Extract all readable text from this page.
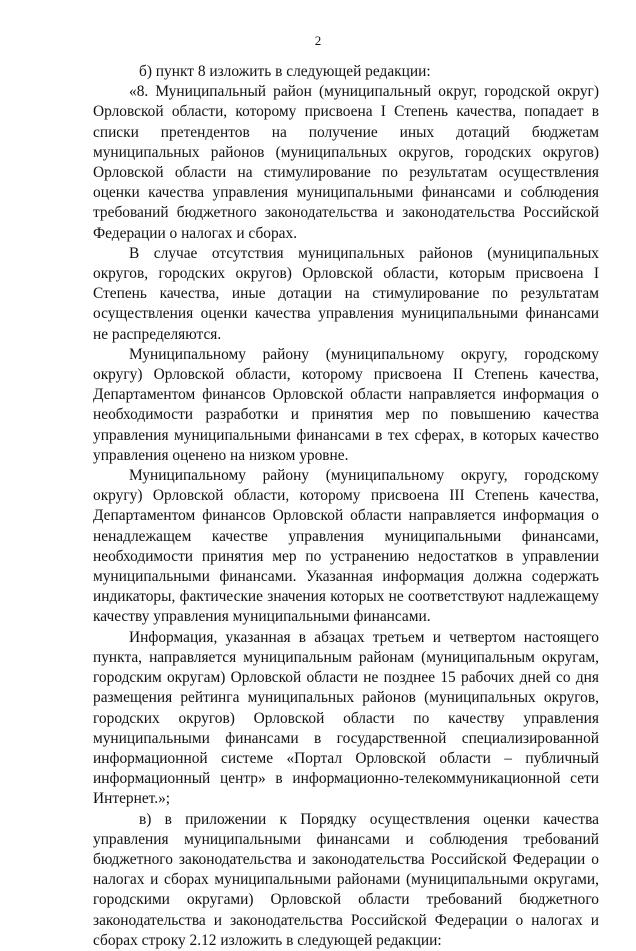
2

б) пункт 8 изложить в следующей редакции:

«8. Муниципальный район (муниципальный округ, городской округ) Орловской области, которому присвоена I Степень качества, попадает в списки претендентов на получение иных дотаций бюджетам муниципальных районов (муниципальных округов, городских округов) Орловской области на стимулирование по результатам осуществления оценки качества управления муниципальными финансами и соблюдения требований бюджетного законодательства и законодательства Российской Федерации о налогах и сборах.

В случае отсутствия муниципальных районов (муниципальных округов, городских округов) Орловской области, которым присвоена I Степень качества, иные дотации на стимулирование по результатам осуществления оценки качества управления муниципальными финансами не распределяются.

Муниципальному району (муниципальному округу, городскому округу) Орловской области, которому присвоена II Степень качества, Департаментом финансов Орловской области направляется информация о необходимости разработки и принятия мер по повышению качества управления муниципальными финансами в тех сферах, в которых качество управления оценено на низком уровне.

Муниципальному району (муниципальному округу, городскому округу) Орловской области, которому присвоена III Степень качества, Департаментом финансов Орловской области направляется информация о ненадлежащем качестве управления муниципальными финансами, необходимости принятия мер по устранению недостатков в управлении муниципальными финансами. Указанная информация должна содержать индикаторы, фактические значения которых не соответствуют надлежащему качеству управления муниципальными финансами.

Информация, указанная в абзацах третьем и четвертом настоящего пункта, направляется муниципальным районам (муниципальным округам, городским округам) Орловской области не позднее 15 рабочих дней со дня размещения рейтинга муниципальных районов (муниципальных округов, городских округов) Орловской области по качеству управления муниципальными финансами в государственной специализированной информационной системе «Портал Орловской области – публичный информационный центр» в информационно-телекоммуникационной сети Интернет.»;

в) в приложении к Порядку осуществления оценки качества управления муниципальными финансами и соблюдения требований бюджетного законодательства и законодательства Российской Федерации о налогах и сборах муниципальными районами (муниципальными округами, городскими округами) Орловской области требований бюджетного законодательства и законодательства Российской Федерации о налогах и сборах строку 2.12 изложить в следующей редакции:
